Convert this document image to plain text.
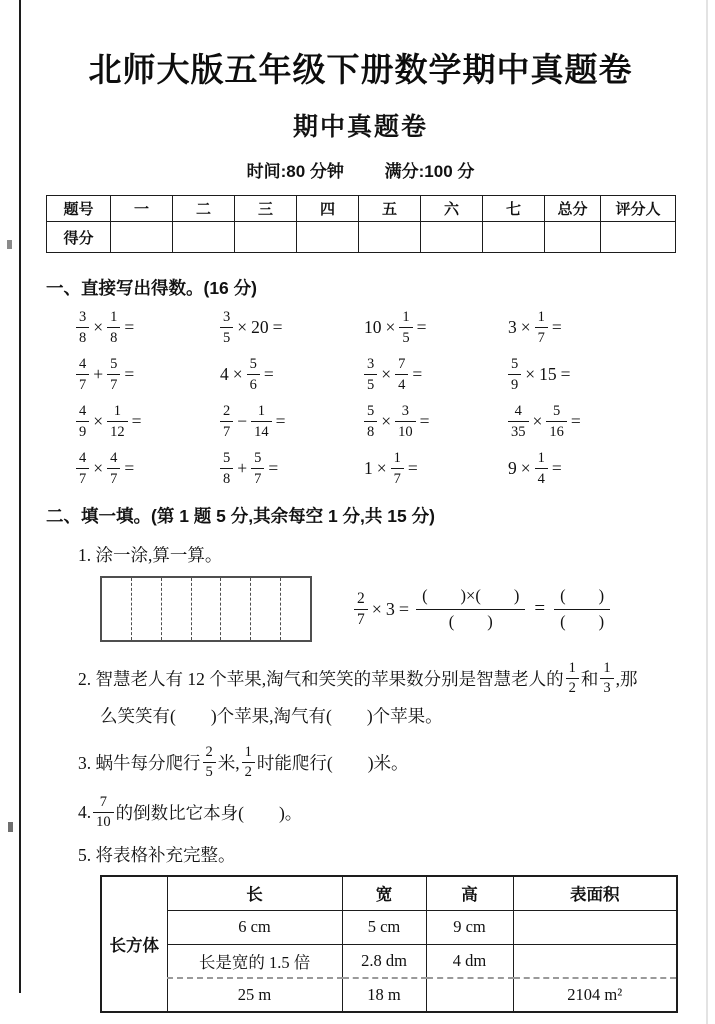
北师大版五年级下册数学期中真题卷
期中真题卷
时间:80 分钟 满分:100 分
题号	一	二	三	四	五	六	七	总分	评分人
得分									
一、直接写出得数。(16 分)
$\frac{3}{8} \times \frac{1}{8}$ =	$\frac{3}{5} \times 20$ =	$10 \times \frac{1}{5}$ =	$3 \times \frac{1}{7}$ =
$\frac{4}{7} + \frac{5}{7}$ =	$4 \times \frac{5}{6}$ =	$\frac{3}{5} \times \frac{7}{4}$ =	$\frac{5}{9} \times 15$ =
$\frac{4}{9} \times \frac{1}{12}$ =	$\frac{2}{7} - \frac{1}{14}$ =	$\frac{5}{8} \times \frac{3}{10}$ =	$\frac{4}{35} \times \frac{5}{16}$ =
$\frac{4}{7} \times \frac{4}{7}$ =	$\frac{5}{8} + \frac{5}{7}$ =	$1 \times \frac{1}{7}$ =	$9 \times \frac{1}{4}$ =
二、填一填。(第 1 题 5 分,其余每空 1 分,共 15 分)
1. 涂一涂,算一算。
$\frac{2}{7} \times 3 = \frac{( )\times( )}{( )} = \frac{( )}{( )}$
2. 智慧老人有 12 个苹果,淘气和笑笑的苹果数分别是智慧老人的 $\frac{1}{2}$ 和 $\frac{1}{3}$ ,那
么笑笑有(　　)个苹果,淘气有(　　)个苹果。
3. 蜗牛每分爬行 $\frac{2}{5}$ 米, $\frac{1}{2}$ 时能爬行(　　)米。
4. $\frac{7}{10}$ 的倒数比它本身(　　)。
5. 将表格补充完整。
长方体	长	宽	高	表面积
	6 cm	5 cm	9 cm	
	长是宽的 1.5 倍	2.8 dm	4 dm	
	25 m	18 m		2104 m²
